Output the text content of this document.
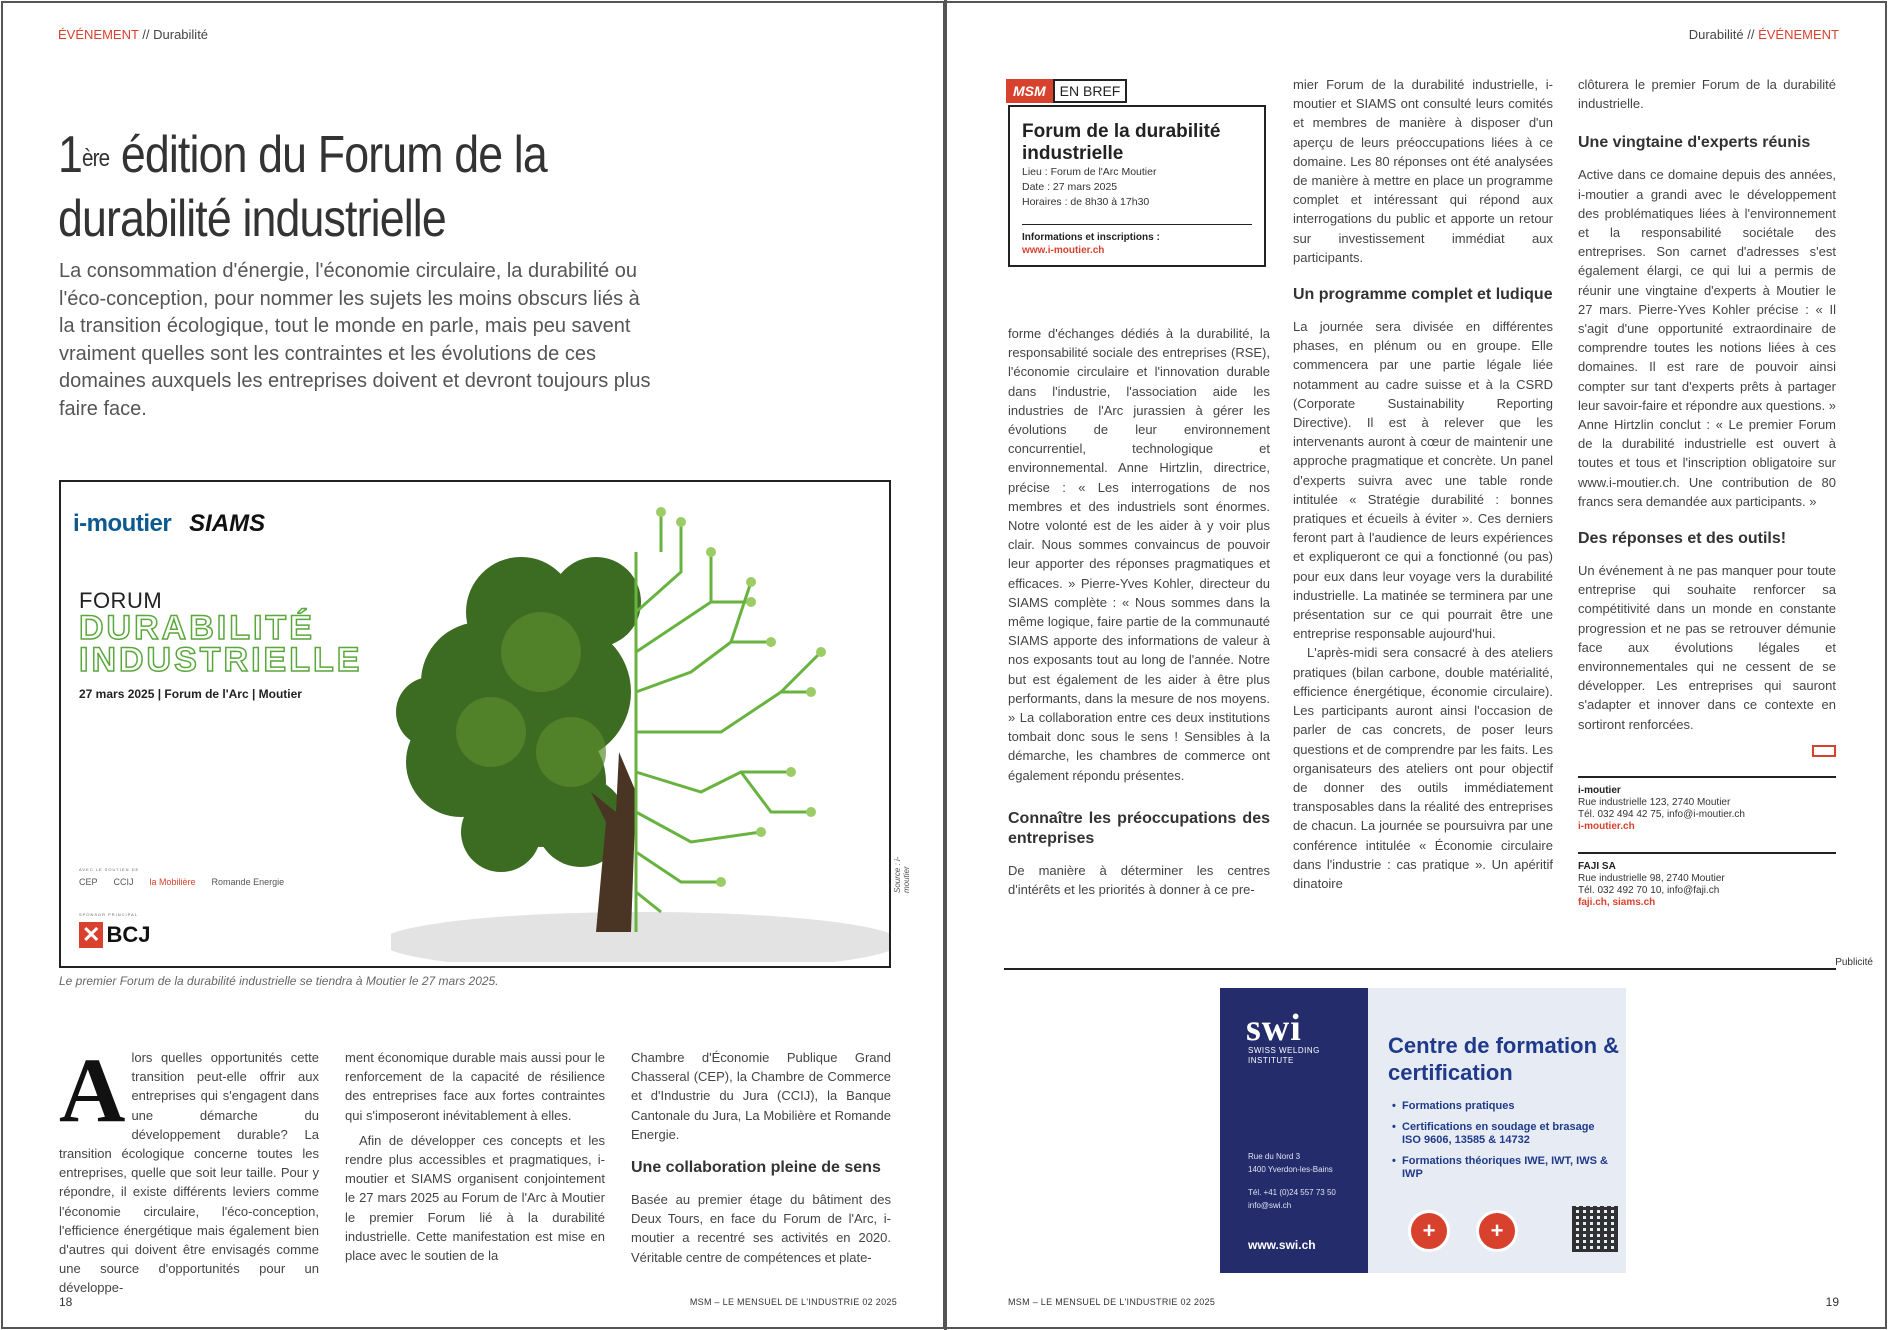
ÉVÉNEMENT // Durabilité
1ère édition du Forum de la durabilité industrielle
La consommation d'énergie, l'économie circulaire, la durabilité ou l'éco-conception, pour nommer les sujets les moins obscurs liés à la transition écologique, tout le monde en parle, mais peu savent vraiment quelles sont les contraintes et les évolutions de ces domaines auxquels les entreprises doivent et devront toujours plus faire face.
i-moutier SIAMS
FORUM
DURABILITÉ
INDUSTRIELLE
27 mars 2025 | Forum de l'Arc | Moutier
AVEC LE SOUTIEN DE
CEP CCIJ la Mobilière Romande Energie
SPONSOR PRINCIPAL
✕ BCJ
Source : i-moutier
Le premier Forum de la durabilité industrielle se tiendra à Moutier le 27 mars 2025.
Alors quelles opportunités cette transition peut-elle offrir aux entreprises qui s'engagent dans une démarche du développement durable? La transition écologique concerne toutes les entreprises, quelle que soit leur taille. Pour y répondre, il existe différents leviers comme l'économie circulaire, l'éco-conception, l'efficience énergétique mais également bien d'autres qui doivent être envisagés comme une source d'opportunités pour un développe-

ment économique durable mais aussi pour le renforcement de la capacité de résilience des entreprises face aux fortes contraintes qui s'imposeront inévitablement à elles.

Afin de développer ces concepts et les rendre plus accessibles et pragmatiques, i-moutier et SIAMS organisent conjointement le 27 mars 2025 au Forum de l'Arc à Moutier le premier Forum lié à la durabilité industrielle. Cette manifestation est mise en place avec le soutien de la

Chambre d'Économie Publique Grand Chasseral (CEP), la Chambre de Commerce et d'Industrie du Jura (CCIJ), la Banque Cantonale du Jura, La Mobilière et Romande Energie.

Une collaboration pleine de sens

Basée au premier étage du bâtiment des Deux Tours, en face du Forum de l'Arc, i-moutier a recentré ses activités en 2020. Véritable centre de compétences et plate-

18	MSM – LE MENSUEL DE L'INDUSTRIE 02 2025
Durabilité // ÉVÉNEMENT
MSM	EN BREF
Forum de la durabilité industrielle
Lieu : Forum de l'Arc Moutier
Date : 27 mars 2025
Horaires : de 8h30 à 17h30
Informations et inscriptions :
www.i-moutier.ch

forme d'échanges dédiés à la durabilité, la responsabilité sociale des entreprises (RSE), l'économie circulaire et l'innovation durable dans l'industrie, l'association aide les industries de l'Arc jurassien à gérer les évolutions de leur environnement concurrentiel, technologique et environnemental. Anne Hirtzlin, directrice, précise : « Les interrogations de nos membres et des industriels sont énormes. Notre volonté est de les aider à y voir plus clair. Nous sommes convaincus de pouvoir leur apporter des réponses pragmatiques et efficaces. » Pierre-Yves Kohler, directeur du SIAMS complète : « Nous sommes dans la même logique, faire partie de la communauté SIAMS apporte des informations de valeur à nos exposants tout au long de l'année. Notre but est également de les aider à être plus performants, dans la mesure de nos moyens. » La collaboration entre ces deux institutions tombait donc sous le sens ! Sensibles à la démarche, les chambres de commerce ont également répondu présentes.

Connaître les préoccupations des entreprises

De manière à déterminer les centres d'intérêts et les priorités à donner à ce pre-

mier Forum de la durabilité industrielle, i-moutier et SIAMS ont consulté leurs comités et membres de manière à disposer d'un aperçu de leurs préoccupations liées à ce domaine. Les 80 réponses ont été analysées de manière à mettre en place un programme complet et intéressant qui répond aux interrogations du public et apporte un retour sur investissement immédiat aux participants.

Un programme complet et ludique

La journée sera divisée en différentes phases, en plénum ou en groupe. Elle commencera par une partie légale liée notamment au cadre suisse et à la CSRD (Corporate Sustainability Reporting Directive). Il est à relever que les intervenants auront à cœur de maintenir une approche pragmatique et concrète. Un panel d'experts suivra avec une table ronde intitulée « Stratégie durabilité : bonnes pratiques et écueils à éviter ». Ces derniers feront part à l'audience de leurs expériences et expliqueront ce qui a fonctionné (ou pas) pour eux dans leur voyage vers la durabilité industrielle. La matinée se terminera par une présentation sur ce qui pourrait être une entreprise responsable aujourd'hui.

L'après-midi sera consacré à des ateliers pratiques (bilan carbone, double matérialité, efficience énergétique, économie circulaire). Les participants auront ainsi l'occasion de parler de cas concrets, de poser leurs questions et de comprendre par les faits. Les organisateurs des ateliers ont pour objectif de donner des outils immédiatement transposables dans la réalité des entreprises de chacun. La journée se poursuivra par une conférence intitulée « Économie circulaire dans l'industrie : cas pratique ». Un apéritif dinatoire

clôturera le premier Forum de la durabilité industrielle.

Une vingtaine d'experts réunis

Active dans ce domaine depuis des années, i-moutier a grandi avec le développement des problématiques liées à l'environnement et la responsabilité sociétale des entreprises. Son carnet d'adresses s'est également élargi, ce qui lui a permis de réunir une vingtaine d'experts à Moutier le 27 mars. Pierre-Yves Kohler précise : « Il s'agit d'une opportunité extraordinaire de comprendre toutes les notions liées à ces domaines. Il est rare de pouvoir ainsi compter sur tant d'experts prêts à partager leur savoir-faire et répondre aux questions. » Anne Hirtzlin conclut : « Le premier Forum de la durabilité industrielle est ouvert à toutes et tous et l'inscription obligatoire sur www.i-moutier.ch. Une contribution de 80 francs sera demandée aux participants. »

Des réponses et des outils!

Un événement à ne pas manquer pour toute entreprise qui souhaite renforcer sa compétitivité dans un monde en constante progression et ne pas se retrouver démunie face aux évolutions légales et environnementales qui ne cessent de se développer. Les entreprises qui sauront s'adapter et innover dans ce contexte en sortiront renforcées.

i-moutier
Rue industrielle 123, 2740 Moutier
Tél. 032 494 42 75, info@i-moutier.ch
i-moutier.ch
FAJI SA
Rue industrielle 98, 2740 Moutier
Tél. 032 492 70 10, info@faji.ch
faji.ch, siams.ch
Publicité
swi
SWISS WELDING INSTITUTE
Rue du Nord 3
1400 Yverdon-les-Bains
Tél. +41 (0)24 557 73 50
info@swi.ch
www.swi.ch
Centre de formation & certification
• Formations pratiques
• Certifications en soudage et brasage ISO 9606, 13585 & 14732
• Formations théoriques IWE, IWT, IWS & IWP
+	+
19
MSM – LE MENSUEL DE L'INDUSTRIE 02 2025
